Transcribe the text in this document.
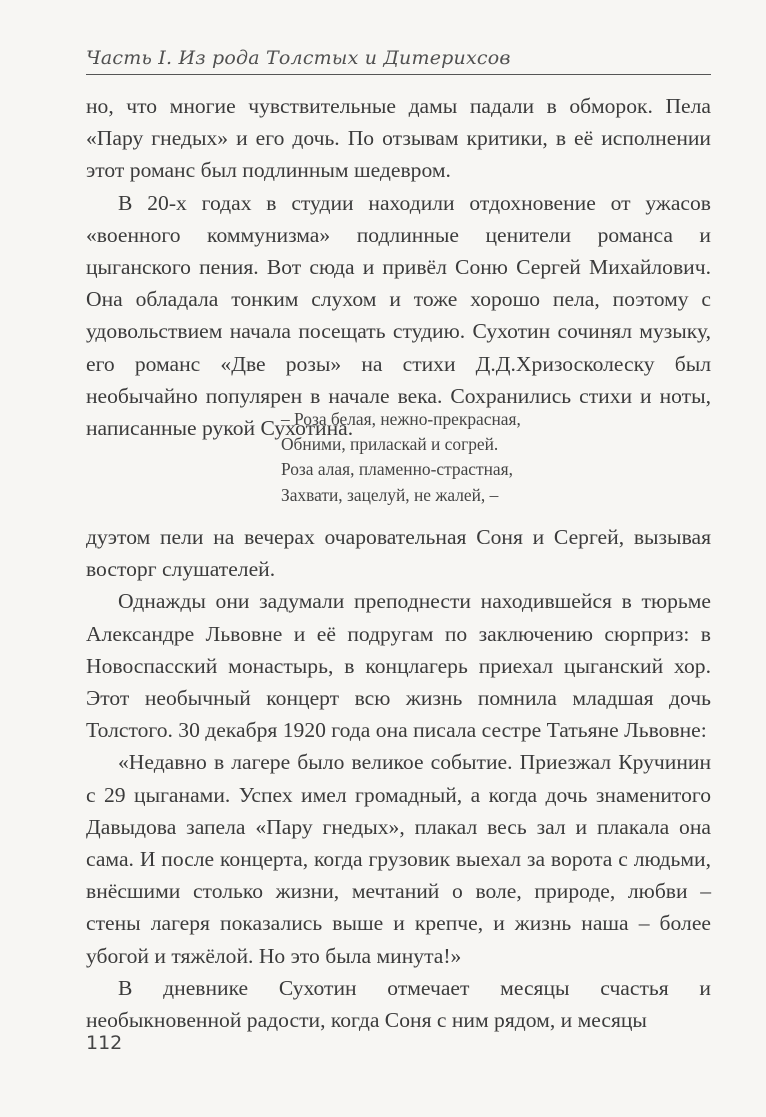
Часть I. Из рода Толстых и Дитерихсов

но, что многие чувствительные дамы падали в обморок. Пела «Пару гнедых» и его дочь. По отзывам критики, в её исполнении этот романс был подлинным шедевром.

В 20-х годах в студии находили отдохновение от ужасов «военного коммунизма» подлинные ценители романса и цыганского пения. Вот сюда и привёл Соню Сергей Михайлович. Она обладала тонким слухом и тоже хорошо пела, поэтому с удовольствием начала посещать студию. Сухотин сочинял музыку, его романс «Две розы» на стихи Д.Д.Хризосколеску был необычайно популярен в начале века. Сохранились стихи и ноты, написанные рукой Сухотина.

– Роза белая, нежно-прекрасная,
Обними, приласкай и согрей.
Роза алая, пламенно-страстная,
Захвати, зацелуй, не жалей, –

дуэтом пели на вечерах очаровательная Соня и Сергей, вызывая восторг слушателей.

Однажды они задумали преподнести находившейся в тюрьме Александре Львовне и её подругам по заключению сюрприз: в Новоспасский монастырь, в концлагерь приехал цыганский хор. Этот необычный концерт всю жизнь помнила младшая дочь Толстого. 30 декабря 1920 года она писала сестре Татьяне Львовне:

«Недавно в лагере было великое событие. Приезжал Кручинин с 29 цыганами. Успех имел громадный, а когда дочь знаменитого Давыдова запела «Пару гнедых», плакал весь зал и плакала она сама. И после концерта, когда грузовик выехал за ворота с людьми, внёсшими столько жизни, мечтаний о воле, природе, любви – стены лагеря показались выше и крепче, и жизнь наша – более убогой и тяжёлой. Но это была минута!»

В дневнике Сухотин отмечает месяцы счастья и необыкновенной радости, когда Соня с ним рядом, и месяцы

112
